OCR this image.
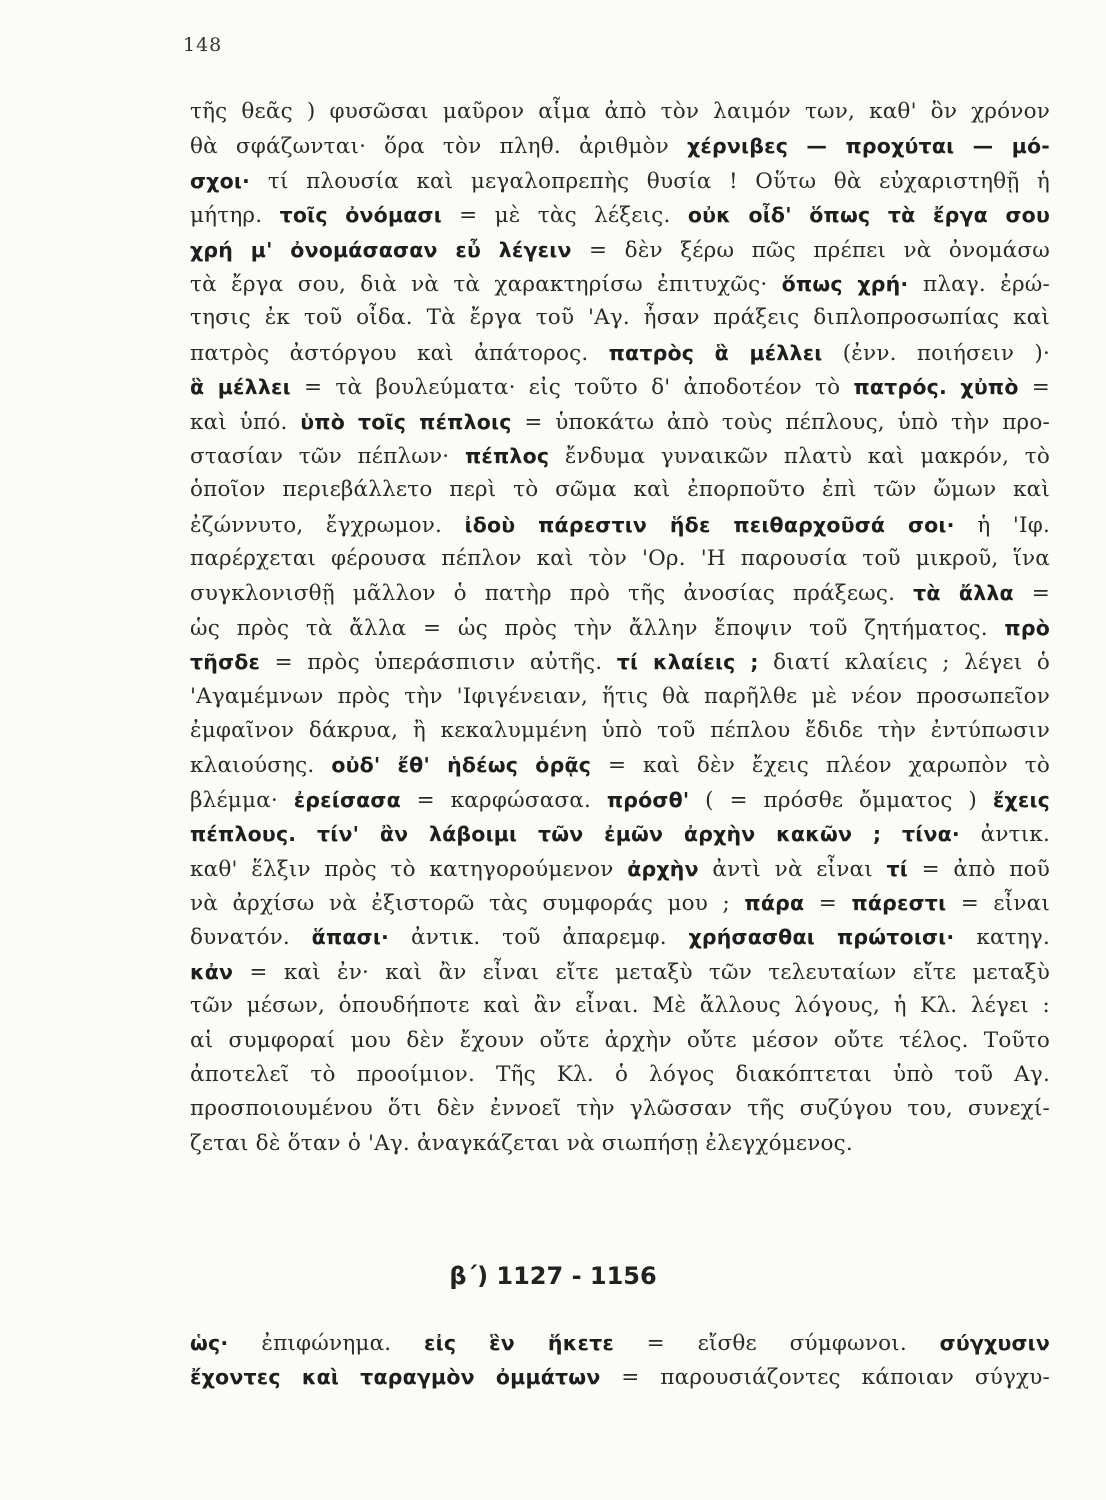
148
τῆς θεᾶς ) φυσῶσαι μαῦρον αἷμα ἀπὸ τὸν λαιμόν των, καθ' ὃν χρόνον
θὰ σφάζωνται· ὅρα τὸν πληθ. ἀριθμὸν χέρνιβες — προχύται — μό-
σχοι· τί πλουσία καὶ μεγαλοπρεπὴς θυσία ! Οὕτω θὰ εὐχαριστηθῇ ἡ
μήτηρ. τοῖς ὀνόμασι = μὲ τὰς λέξεις. οὐκ οἶδ' ὅπως τὰ ἔργα σου
χρή μ' ὀνομάσασαν εὖ λέγειν = δὲν ξέρω πῶς πρέπει νὰ ὀνομάσω
τὰ ἔργα σου, διὰ νὰ τὰ χαρακτηρίσω ἐπιτυχῶς· ὅπως χρή· πλαγ. ἐρώ-
τησις ἐκ τοῦ οἶδα. Τὰ ἔργα τοῦ 'Αγ. ἦσαν πράξεις διπλοπροσωπίας καὶ
πατρὸς ἀστόργου καὶ ἀπάτορος. πατρὸς ἃ μέλλει (ἐνν. ποιήσειν )·
ἃ μέλλει = τὰ βουλεύματα· εἰς τοῦτο δ' ἀποδοτέον τὸ πατρός. χὐπὸ =
καὶ ὑπό. ὑπὸ τοῖς πέπλοις = ὑποκάτω ἀπὸ τοὺς πέπλους, ὑπὸ τὴν προ-
στασίαν τῶν πέπλων· πέπλος ἔνδυμα γυναικῶν πλατὺ καὶ μακρόν, τὸ
ὁποῖον περιεβάλλετο περὶ τὸ σῶμα καὶ ἐπορποῦτο ἐπὶ τῶν ὤμων καὶ
ἐζώννυτο, ἔγχρωμον. ἰδοὺ πάρεστιν ἥδε πειθαρχοῦσά σοι· ἡ 'Ιφ.
παρέρχεται φέρουσα πέπλον καὶ τὸν 'Ορ. 'Η παρουσία τοῦ μικροῦ, ἵνα
συγκλονισθῇ μᾶλλον ὁ πατὴρ πρὸ τῆς ἀνοσίας πράξεως. τὰ ἄλλα =
ὡς πρὸς τὰ ἄλλα = ὡς πρὸς τὴν ἄλλην ἔποψιν τοῦ ζητήματος. πρὸ
τῆσδε = πρὸς ὑπεράσπισιν αὐτῆς. τί κλαίεις ; διατί κλαίεις ; λέγει ὁ
'Αγαμέμνων πρὸς τὴν 'Ιφιγένειαν, ἥτις θὰ παρῆλθε μὲ νέον προσωπεῖον
ἐμφαῖνον δάκρυα, ἢ κεκαλυμμένη ὑπὸ τοῦ πέπλου ἔδιδε τὴν ἐντύπωσιν
κλαιούσης. οὐδ' ἔθ' ἡδέως ὁρᾷς = καὶ δὲν ἔχεις πλέον χαρωπὸν τὸ
βλέμμα· ἐρείσασα = καρφώσασα. πρόσθ' ( = πρόσθε ὄμματος ) ἔχεις
πέπλους. τίν' ἂν λάβοιμι τῶν ἐμῶν ἀρχὴν κακῶν ; τίνα· ἀντικ.
καθ' ἕλξιν πρὸς τὸ κατηγορούμενον ἀρχὴν ἀντὶ νὰ εἶναι τί = ἀπὸ ποῦ
νὰ ἀρχίσω νὰ ἐξιστορῶ τὰς συμφοράς μου ; πάρα = πάρεστι = εἶναι
δυνατόν. ἅπασι· ἀντικ. τοῦ ἀπαρεμφ. χρήσασθαι πρώτοισι· κατηγ.
κἀν = καὶ ἐν· καὶ ἂν εἶναι εἴτε μεταξὺ τῶν τελευταίων εἴτε μεταξὺ
τῶν μέσων, ὁπουδήποτε καὶ ἂν εἶναι. Μὲ ἄλλους λόγους, ἡ Κλ. λέγει :
αἱ συμφοραί μου δὲν ἔχουν οὔτε ἀρχὴν οὔτε μέσον οὔτε τέλος. Τοῦτο
ἀποτελεῖ τὸ προοίμιον. Τῆς Κλ. ὁ λόγος διακόπτεται ὑπὸ τοῦ Αγ.
προσποιουμένου ὅτι δὲν ἐννοεῖ τὴν γλῶσσαν τῆς συζύγου του, συνεχί-
ζεται δὲ ὅταν ὁ 'Αγ. ἀναγκάζεται νὰ σιωπήσῃ ἐλεγχόμενος.
β΄) 1127 - 1156
ὡς· ἐπιφώνημα. εἰς ἓν ἥκετε = εἴσθε σύμφωνοι. σύγχυσιν
ἔχοντες καὶ ταραγμὸν ὀμμάτων = παρουσιάζοντες κάποιαν σύγχυ-
